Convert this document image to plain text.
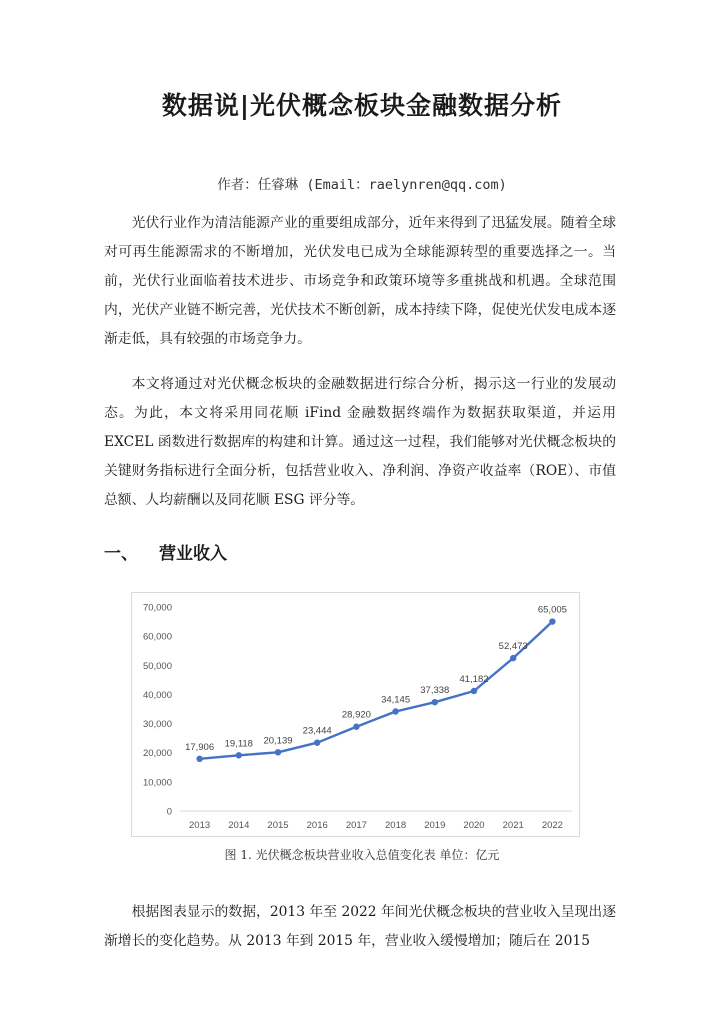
数据说|光伏概念板块金融数据分析
作者：任睿琳 (Email：raelynren@qq.com)
光伏行业作为清洁能源产业的重要组成部分，近年来得到了迅猛发展。随着全球对可再生能源需求的不断增加，光伏发电已成为全球能源转型的重要选择之一。当前，光伏行业面临着技术进步、市场竞争和政策环境等多重挑战和机遇。全球范围内，光伏产业链不断完善，光伏技术不断创新，成本持续下降，促使光伏发电成本逐渐走低，具有较强的市场竞争力。
本文将通过对光伏概念板块的金融数据进行综合分析，揭示这一行业的发展动态。为此，本文将采用同花顺 iFind 金融数据终端作为数据获取渠道，并运用 EXCEL 函数进行数据库的构建和计算。通过这一过程，我们能够对光伏概念板块的关键财务指标进行全面分析，包括营业收入、净利润、净资产收益率（ROE）、市值总额、人均薪酬以及同花顺 ESG 评分等。
一、 营业收入
0
10,000
20,000
30,000
40,000
50,000
60,000
70,000
2013 2014 2015 2016 2017 2018 2019 2020 2021 2022
17,906 19,118 20,139
23,444
28,920
34,145
37,338
41,182
52,473
65,005
图 1. 光伏概念板块营业收入总值变化表 单位：亿元
根据图表显示的数据，2013 年至 2022 年间光伏概念板块的营业收入呈现出逐渐增长的变化趋势。从 2013 年到 2015 年，营业收入缓慢增加；随后在 2015
